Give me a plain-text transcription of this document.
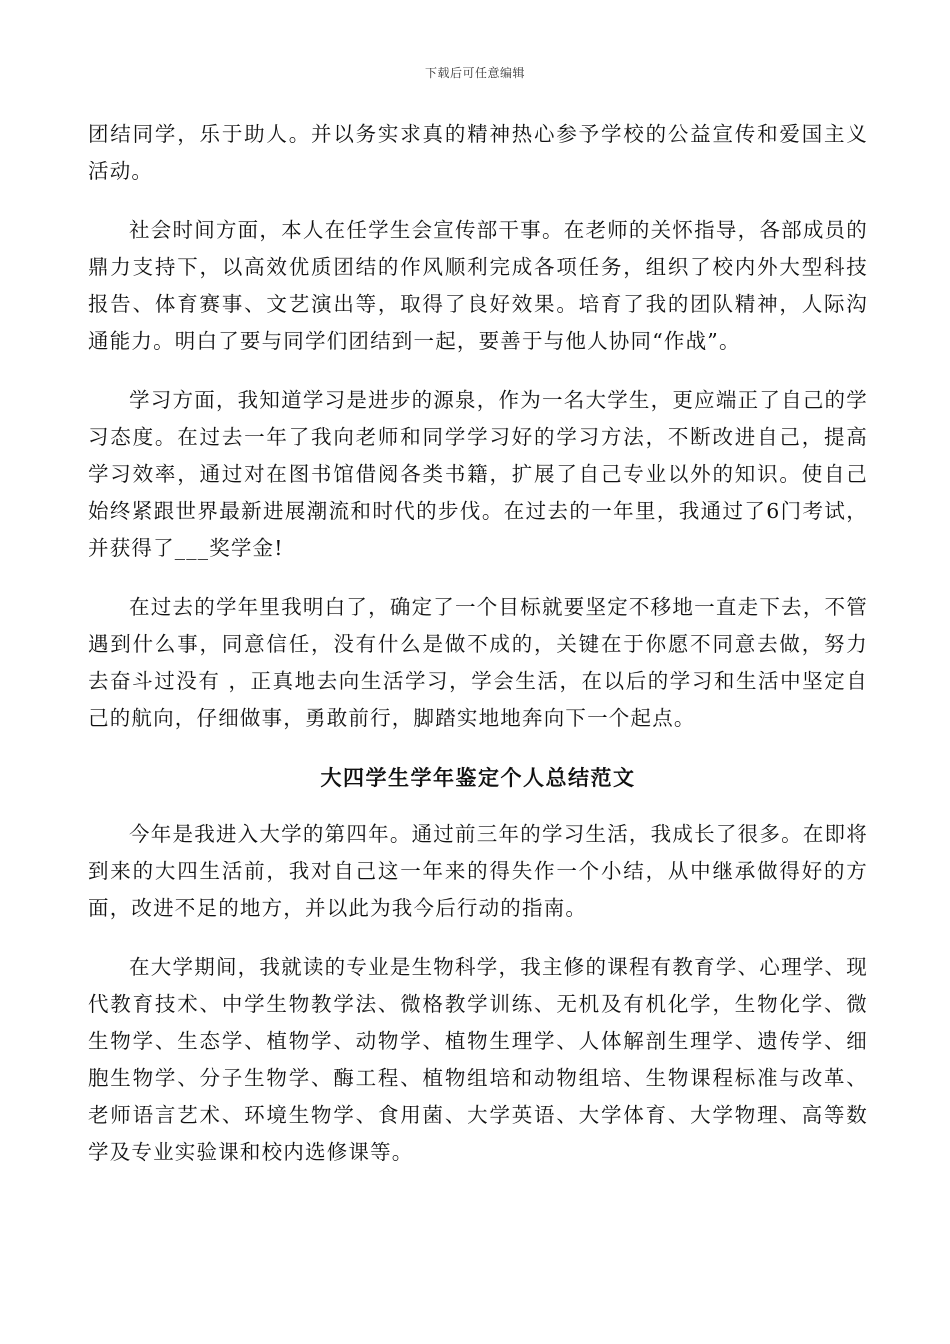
下载后可任意编辑

团结同学，乐于助人。并以务实求真的精神热心参予学校的公益宣传和爱国主义活动。

社会时间方面，本人在任学生会宣传部干事。在老师的关怀指导，各部成员的鼎力支持下，以高效优质团结的作风顺利完成各项任务，组织了校内外大型科技报告、体育赛事、文艺演出等，取得了良好效果。培育了我的团队精神，人际沟通能力。明白了要与同学们团结到一起，要善于与他人协同“作战”。

学习方面，我知道学习是进步的源泉，作为一名大学生，更应端正了自己的学习态度。在过去一年了我向老师和同学学习好的学习方法，不断改进自己，提高学习效率，通过对在图书馆借阅各类书籍，扩展了自己专业以外的知识。使自己始终紧跟世界最新进展潮流和时代的步伐。在过去的一年里，我通过了6门考试，并获得了___奖学金!

在过去的学年里我明白了，确定了一个目标就要坚定不移地一直走下去，不管遇到什么事，同意信任，没有什么是做不成的，关键在于你愿不同意去做，努力去奋斗过没有 ，正真地去向生活学习，学会生活，在以后的学习和生活中坚定自己的航向，仔细做事，勇敢前行，脚踏实地地奔向下一个起点。

大四学生学年鉴定个人总结范文

今年是我进入大学的第四年。通过前三年的学习生活，我成长了很多。在即将到来的大四生活前，我对自己这一年来的得失作一个小结，从中继承做得好的方面，改进不足的地方，并以此为我今后行动的指南。

在大学期间，我就读的专业是生物科学，我主修的课程有教育学、心理学、现代教育技术、中学生物教学法、微格教学训练、无机及有机化学，生物化学、微生物学、生态学、植物学、动物学、植物生理学、人体解剖生理学、遗传学、细胞生物学、分子生物学、酶工程、植物组培和动物组培、生物课程标准与改革、老师语言艺术、环境生物学、食用菌、大学英语、大学体育、大学物理、高等数学及专业实验课和校内选修课等。
